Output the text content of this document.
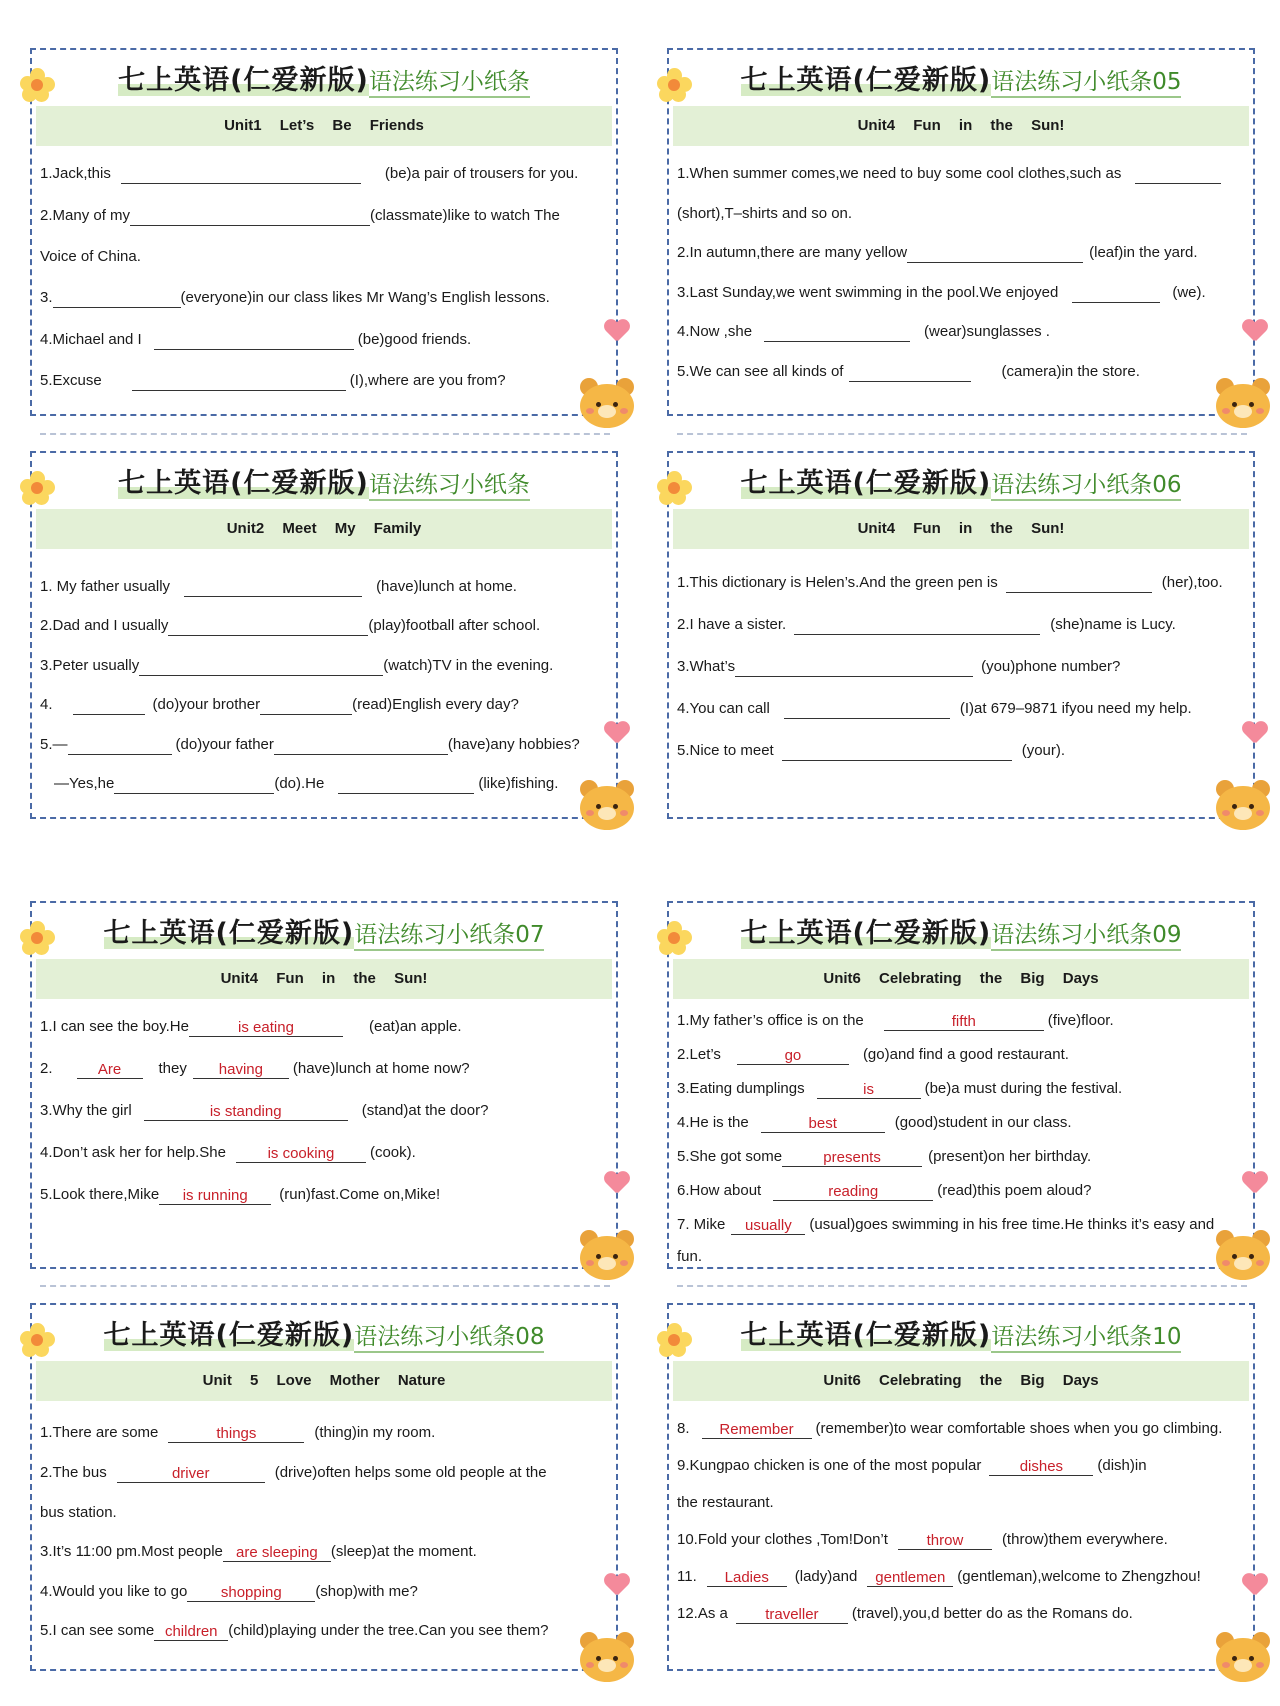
七上英语(仁爱新版)语法练习小纸条
Unit1 Let’s Be Friends
1.Jack,this	(be)a pair of trousers for you.
2.Many of my	(classmate)like to watch The
Voice of China.
3.	(everyone)in our class likes Mr Wang’s English lessons.
4.Michael and I	(be)good friends.
5.Excuse	(I),where are you from?
七上英语(仁爱新版)语法练习小纸条05
Unit4 Fun in the Sun!
1.When summer comes,we need to buy some cool clothes,such as
(short),T–shirts and so on.
2.In autumn,there are many yellow	(leaf)in the yard.
3.Last Sunday,we went swimming in the pool.We enjoyed	(we).
4.Now ,she	(wear)sunglasses .
5.We can see all kinds of	(camera)in the store.
七上英语(仁爱新版)语法练习小纸条
Unit2 Meet My Family
1. My father usually	(have)lunch at home.
2.Dad and I usually	(play)football after school.
3.Peter usually	(watch)TV in the evening.
4.	(do)your brother	(read)English every day?
5.—	(do)your father	(have)any hobbies?
—Yes,he	(do).He	(like)fishing.
七上英语(仁爱新版)语法练习小纸条06
Unit4 Fun in the Sun!
1.This dictionary is Helen’s.And the green pen is	(her),too.
2.I have a sister.	(she)name is Lucy.
3.What’s	(you)phone number?
4.You can call	(I)at 679–9871 ifyou need my help.
5.Nice to meet	(your).
七上英语(仁爱新版)语法练习小纸条07
Unit4 Fun in the Sun!
1.I can see the boy.He	is eating	(eat)an apple.
2.	Are they having (have)lunch at home now?
3.Why the girl	is standing	(stand)at the door?
4.Don’t ask her for help.She	is cooking (cook).
5.Look there,Mike is running (run)fast.Come on,Mike!
七上英语(仁爱新版)语法练习小纸条09
Unit6 Celebrating the Big Days
1.My father’s office is on the	fifth	(five)floor.
2.Let’s	go	(go)and find a good restaurant.
3.Eating dumplings	is	(be)a must during the festival.
4.He is the	best	(good)student in our class.
5.She got some	presents	(present)on her birthday.
6.How about	reading	(read)this poem aloud?
7. Mike usually (usual)goes swimming in his free time.He thinks it’s easy and
fun.
七上英语(仁爱新版)语法练习小纸条08
Unit 5 Love Mother Nature
1.There are some	things	(thing)in my room.
2.The bus	driver	(drive)often helps some old people at the
bus station.
3.It’s 11:00 pm.Most people are sleeping (sleep)at the moment.
4.Would you like to go shopping (shop)with me?
5.I can see some children (child)playing under the tree.Can you see them?
七上英语(仁爱新版)语法练习小纸条10
Unit6 Celebrating the Big Days
8. Remember (remember)to wear comfortable shoes when you go climbing.
9.Kungpao chicken is one of the most popular	dishes (dish)in
the restaurant.
10.Fold your clothes ,Tom!Don’t	throw	(throw)them everywhere.
11. Ladies (lady)and gentlemen (gentleman),welcome to Zhengzhou!
12.As a traveller (travel),you,d better do as the Romans do.
